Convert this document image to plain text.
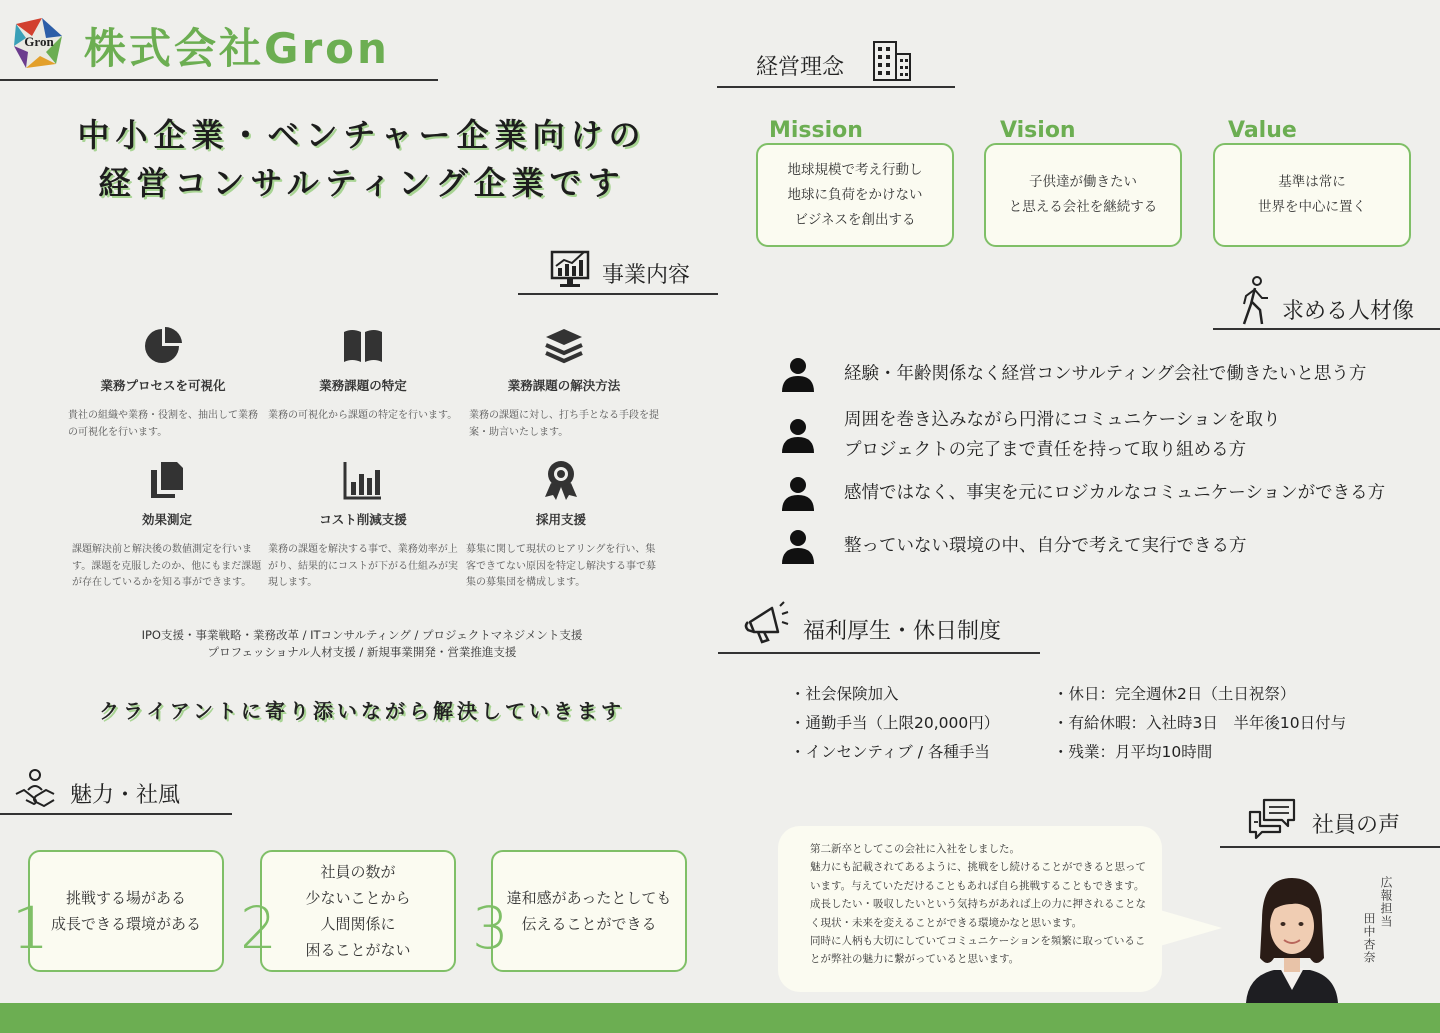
Gron 株式会社Gron
中小企業・ベンチャー企業向けの
経営コンサルティング企業です
事業内容
業務プロセスを可視化
貴社の組織や業務・役割を、抽出して業務の可視化を行います。
業務課題の特定
業務の可視化から課題の特定を行います。
業務課題の解決方法
業務の課題に対し、打ち手となる手段を提案・助言いたします。
効果測定
課題解決前と解決後の数値測定を行います。課題を克服したのか、他にもまだ課題が存在しているかを知る事ができます。
コスト削減支援
業務の課題を解決する事で、業務効率が上がり、結果的にコストが下がる仕組みが実現します。
採用支援
募集に関して現状のヒアリングを行い、集客できてない原因を特定し解決する事で募集の募集団を構成します。
IPO支援・事業戦略・業務改革 / ITコンサルティング / プロジェクトマネジメント支援
プロフェッショナル人材支援 / 新規事業開発・営業推進支援
クライアントに寄り添いながら解決していきます
魅力・社風
挑戦する場がある
成長できる環境がある
1
社員の数が
少ないことから
人間関係に
困ることがない
2	違和感があったとしても
伝えることができる
3
経営理念
Mission
地球規模で考え行動し
地球に負荷をかけない
ビジネスを創出する
Vision
子供達が働きたい
と思える会社を継続する
Value
基準は常に
世界を中心に置く
求める人材像
経験・年齢関係なく経営コンサルティング会社で働きたいと思う方
周囲を巻き込みながら円滑にコミュニケーションを取り
プロジェクトの完了まで責任を持って取り組める方
感情ではなく、事実を元にロジカルなコミュニケーションができる方
整っていない環境の中、自分で考えて実行できる方
福利厚生・休日制度
・社会保険加入
・通勤手当（上限20,000円）
・インセンティブ / 各種手当
・休日：完全週休2日（土日祝祭）
・有給休暇：入社時3日　半年後10日付与
・残業：月平均10時間
社員の声

第二新卒としてこの会社に入社をしました。

魅力にも記載されてあるように、挑戦をし続けることができると思っています。与えていただけることもあれば自ら挑戦することもできます。

成長したい・吸収したいという気持ちがあれば上の力に押されることなく現状・未来を変えることができる環境かなと思います。

同時に人柄も大切にしていてコミュニケーションを頻繁に取っていることが弊社の魅力に繋がっていると思います。

広報担当
田中杏奈
